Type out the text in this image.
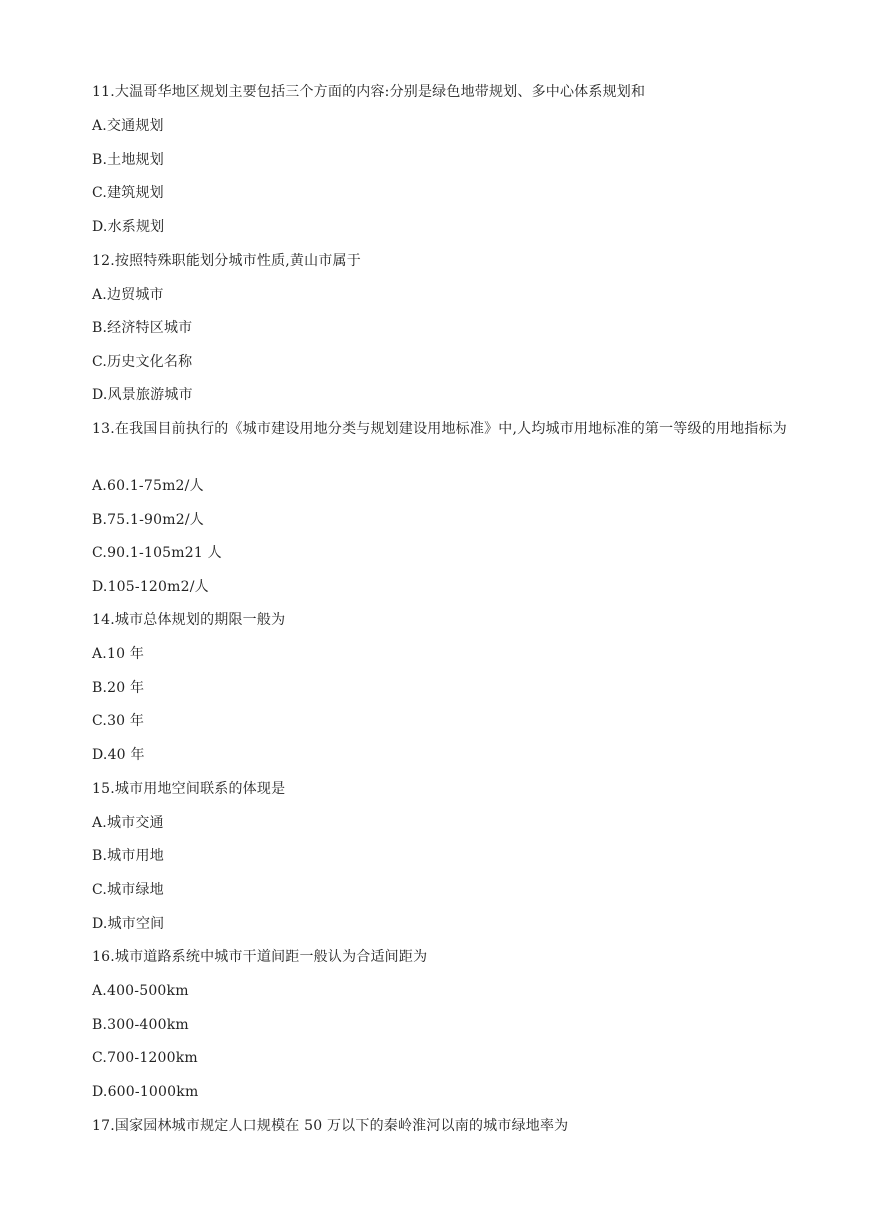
11.大温哥华地区规划主要包括三个方面的内容:分别是绿色地带规划、多中心体系规划和
A.交通规划
B.土地规划
C.建筑规划
D.水系规划
12.按照特殊职能划分城市性质,黄山市属于
A.边贸城市
B.经济特区城市
C.历史文化名称
D.风景旅游城市
13.在我国目前执行的《城市建设用地分类与规划建设用地标准》中,人均城市用地标准的第一等级的用地指标为
A.60.1-75m2/人
B.75.1-90m2/人
C.90.1-105m21 人
D.105-120m2/人
14.城市总体规划的期限一般为
A.10 年
B.20 年
C.30 年
D.40 年
15.城市用地空间联系的体现是
A.城市交通
B.城市用地
C.城市绿地
D.城市空间
16.城市道路系统中城市干道间距一般认为合适间距为
A.400-500km
B.300-400km
C.700-1200km
D.600-1000km
17.国家园林城市规定人口规模在 50 万以下的秦岭淮河以南的城市绿地率为
